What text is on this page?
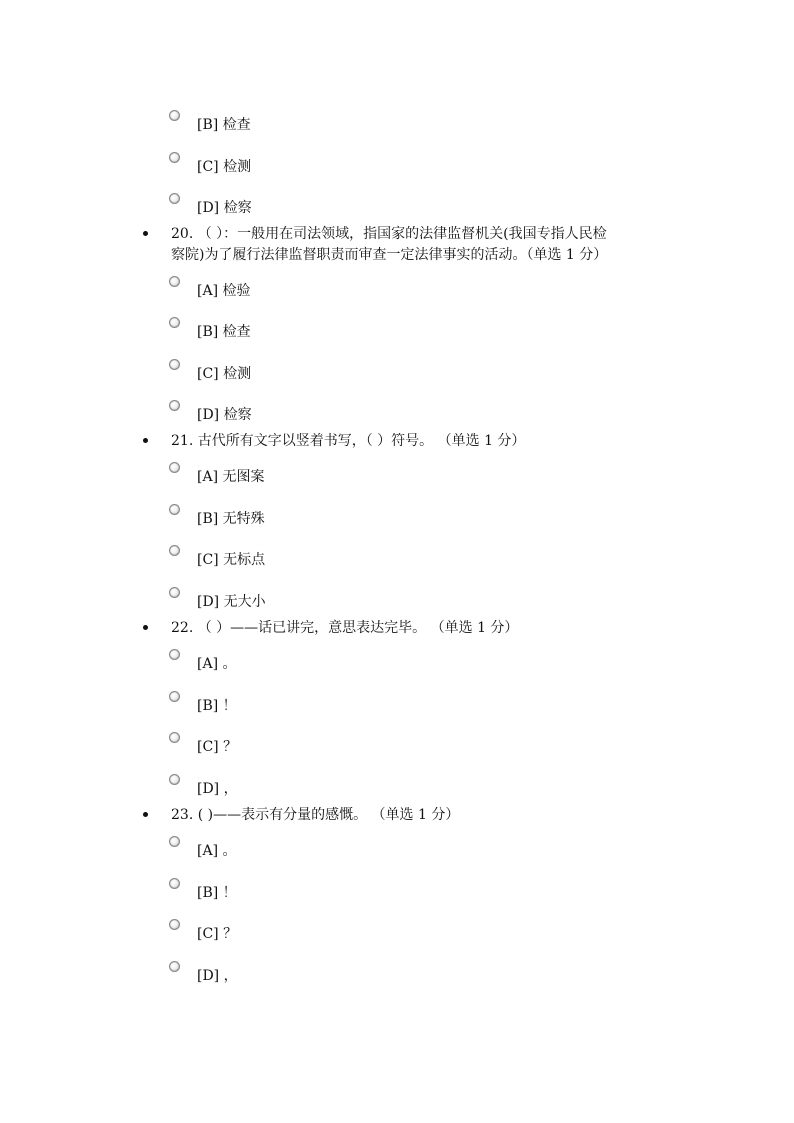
[B] 检查
[C] 检测
[D] 检察
20. （ ）：一般用在司法领域，指国家的法律监督机关(我国专指人民检
察院)为了履行法律监督职责而审查一定法律事实的活动。（单选 1 分）
[A] 检验
[B] 检查
[C] 检测
[D] 检察
21. 古代所有文字以竖着书写，（ ）符号。 （单选 1 分）
[A] 无图案
[B] 无特殊
[C] 无标点
[D] 无大小
22. （ ）——话已讲完，意思表达完毕。 （单选 1 分）
[A] 。
[B] ！
[C] ？
[D] ，
23. ( )——表示有分量的感慨。 （单选 1 分）
[A] 。
[B] ！
[C] ？
[D] ，
